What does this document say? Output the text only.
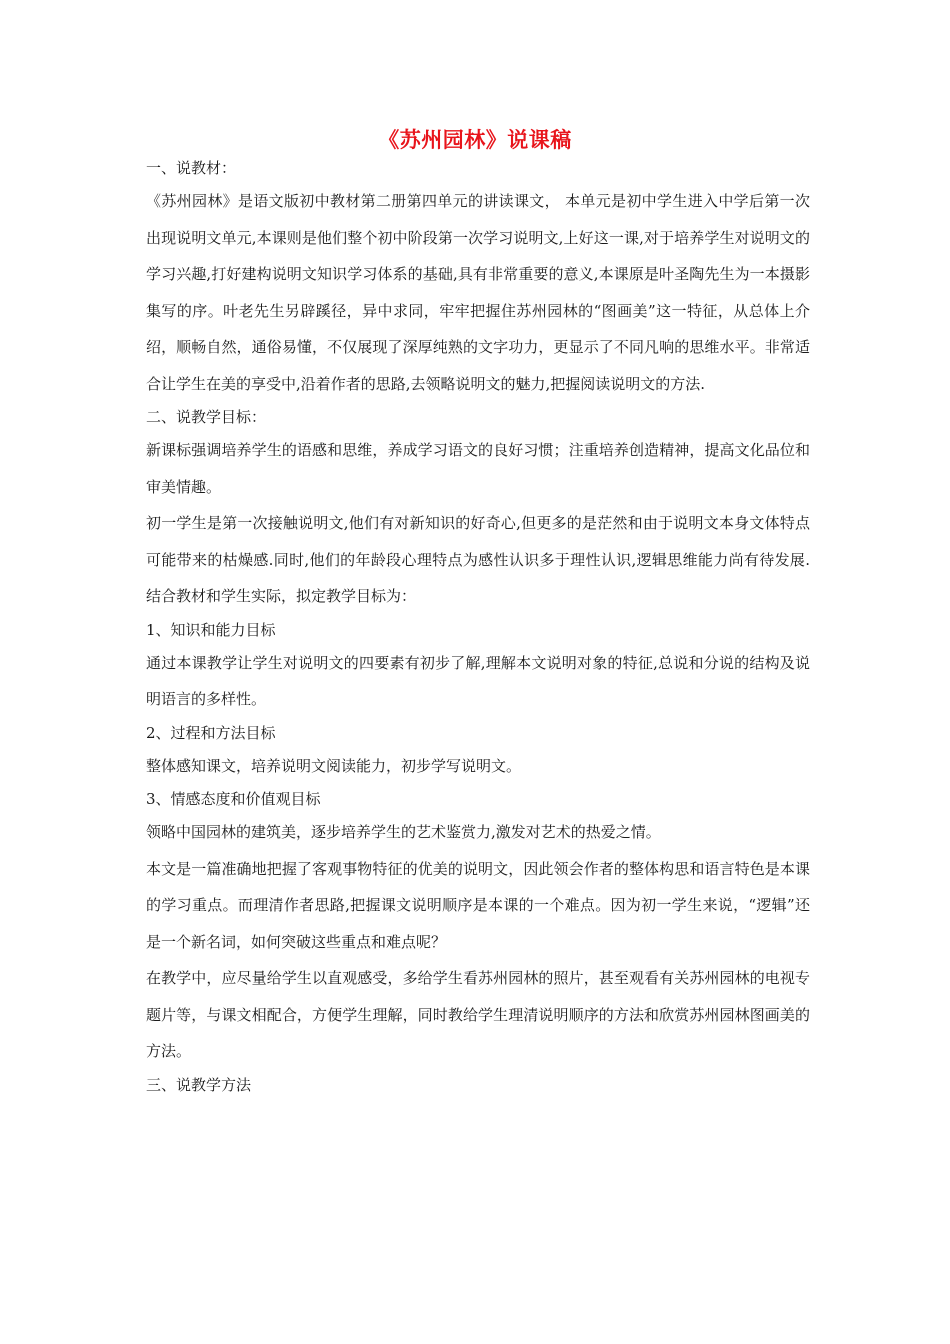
《苏州园林》说课稿

一、说教材：

《苏州园林》是语文版初中教材第二册第四单元的讲读课文， 本单元是初中学生进入中学后第一次出现说明文单元,本课则是他们整个初中阶段第一次学习说明文,上好这一课,对于培养学生对说明文的学习兴趣,打好建构说明文知识学习体系的基础,具有非常重要的意义,本课原是叶圣陶先生为一本摄影集写的序。叶老先生另辟蹊径，异中求同，牢牢把握住苏州园林的“图画美”这一特征，从总体上介绍，顺畅自然，通俗易懂，不仅展现了深厚纯熟的文字功力，更显示了不同凡响的思维水平。非常适合让学生在美的享受中,沿着作者的思路,去领略说明文的魅力,把握阅读说明文的方法.

二、说教学目标：

新课标强调培养学生的语感和思维，养成学习语文的良好习惯；注重培养创造精神，提高文化品位和审美情趣。

初一学生是第一次接触说明文,他们有对新知识的好奇心,但更多的是茫然和由于说明文本身文体特点可能带来的枯燥感.同时,他们的年龄段心理特点为感性认识多于理性认识,逻辑思维能力尚有待发展.结合教材和学生实际，拟定教学目标为：

1、知识和能力目标

通过本课教学让学生对说明文的四要素有初步了解,理解本文说明对象的特征,总说和分说的结构及说明语言的多样性。

2、过程和方法目标

整体感知课文，培养说明文阅读能力，初步学写说明文。

3、情感态度和价值观目标

领略中国园林的建筑美，逐步培养学生的艺术鉴赏力,激发对艺术的热爱之情。

本文是一篇准确地把握了客观事物特征的优美的说明文，因此领会作者的整体构思和语言特色是本课的学习重点。而理清作者思路,把握课文说明顺序是本课的一个难点。因为初一学生来说，“逻辑”还是一个新名词，如何突破这些重点和难点呢？

在教学中，应尽量给学生以直观感受，多给学生看苏州园林的照片，甚至观看有关苏州园林的电视专题片等，与课文相配合，方便学生理解，同时教给学生理清说明顺序的方法和欣赏苏州园林图画美的方法。

三、说教学方法
